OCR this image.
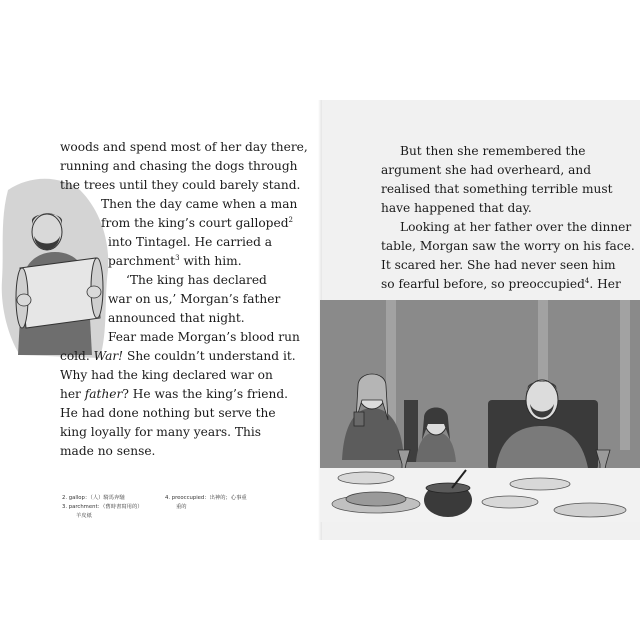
woods and spend most of her day there,
running and chasing the dogs through
the trees until they could barely stand.
Then the day came when a man
from the king’s court galloped$^2$
into Tintagel. He carried a
parchment$^3$ with him.
‘The king has declared
war on us,’ Morgan’s father
announced that night.
Fear made Morgan’s blood run
cold. War! She couldn’t understand it.
Why had the king declared war on
her father? He was the king’s friend.
He had done nothing but serve the
king loyally for many years. This
made no sense.
2. gallop：（人）騎馬奔馳
3. parchment：（舊時書寫用的）
羊皮紙
4. preoccupied：出神的；心事重
重的
But then she remembered the
argument she had overheard, and
realised that something terrible must
have happened that day.
Looking at her father over the dinner
table, Morgan saw the worry on his face.
It scared her. She had never seen him
so fearful before, so preoccupied$^4$. Her
